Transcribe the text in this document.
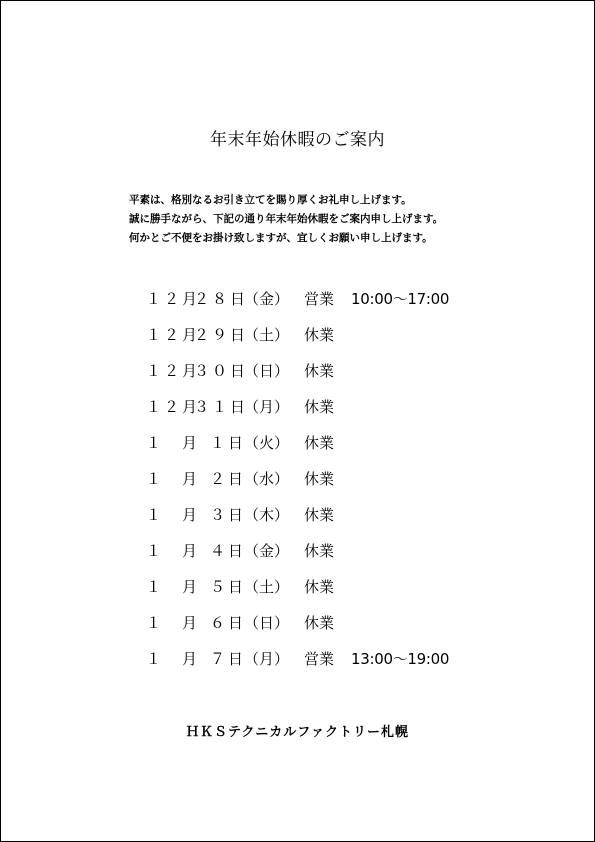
年末年始休暇のご案内
平素は、格別なるお引き立てを賜り厚くお礼申し上げます。
誠に勝手ながら、下記の通り年末年始休暇をご案内申し上げます。
何かとご不便をお掛け致しますが、宜しくお願い申し上げます。
１２月
２８日
（金） 営業 10:00～17:00
１２月
２９日
（土） 休業
１２月
３０日
（日） 休業
１２月
３１日
（月） 休業
１　月 １日
（火） 休業
１　月 ２日
（水） 休業
１　月 ３日
（木） 休業
１　月 ４日
（金） 休業
１　月 ５日
（土） 休業
１　月 ６日
（日） 休業
１　月 ７日
（月） 営業 13:00～19:00
ＨＫＳテクニカルファクトリー札幌
